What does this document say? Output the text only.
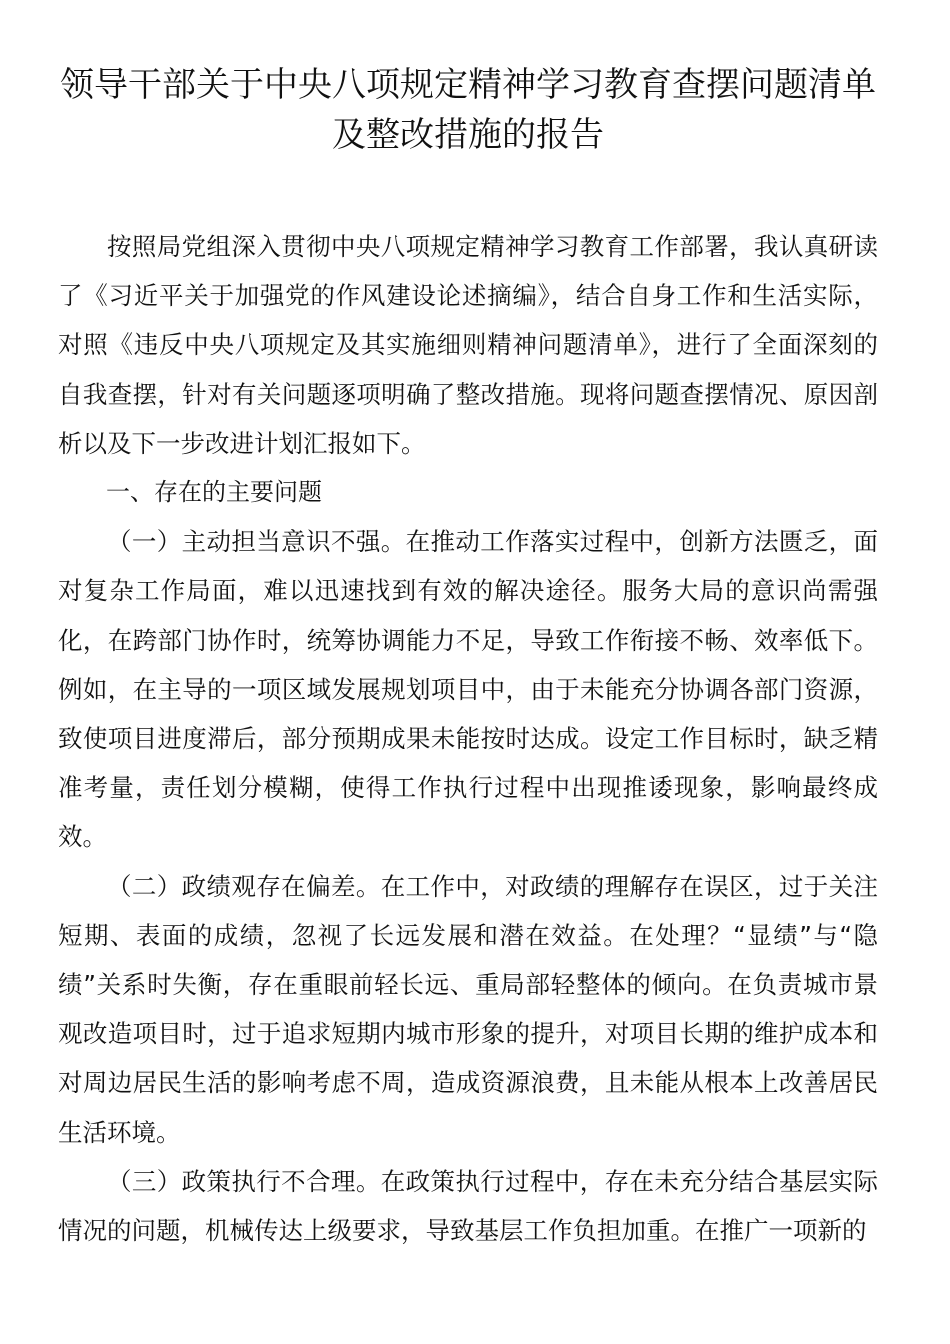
领导干部关于中央八项规定精神学习教育查摆问题清单及整改措施的报告

按照局党组深入贯彻中央八项规定精神学习教育工作部署，我认真研读了《习近平关于加强党的作风建设论述摘编》，结合自身工作和生活实际，对照《违反中央八项规定及其实施细则精神问题清单》，进行了全面深刻的自我查摆，针对有关问题逐项明确了整改措施。现将问题查摆情况、原因剖析以及下一步改进计划汇报如下。

一、存在的主要问题

（一）主动担当意识不强。在推动工作落实过程中，创新方法匮乏，面对复杂工作局面，难以迅速找到有效的解决途径。服务大局的意识尚需强化，在跨部门协作时，统筹协调能力不足，导致工作衔接不畅、效率低下。例如，在主导的一项区域发展规划项目中，由于未能充分协调各部门资源，致使项目进度滞后，部分预期成果未能按时达成。设定工作目标时，缺乏精准考量，责任划分模糊，使得工作执行过程中出现推诿现象，影响最终成效。

（二）政绩观存在偏差。在工作中，对政绩的理解存在误区，过于关注短期、表面的成绩，忽视了长远发展和潜在效益。在处理？“显绩”与“隐绩”关系时失衡，存在重眼前轻长远、重局部轻整体的倾向。在负责城市景观改造项目时，过于追求短期内城市形象的提升，对项目长期的维护成本和对周边居民生活的影响考虑不周，造成资源浪费，且未能从根本上改善居民生活环境。

（三）政策执行不合理。在政策执行过程中，存在未充分结合基层实际情况的问题，机械传达上级要求，导致基层工作负担加重。在推广一项新的
